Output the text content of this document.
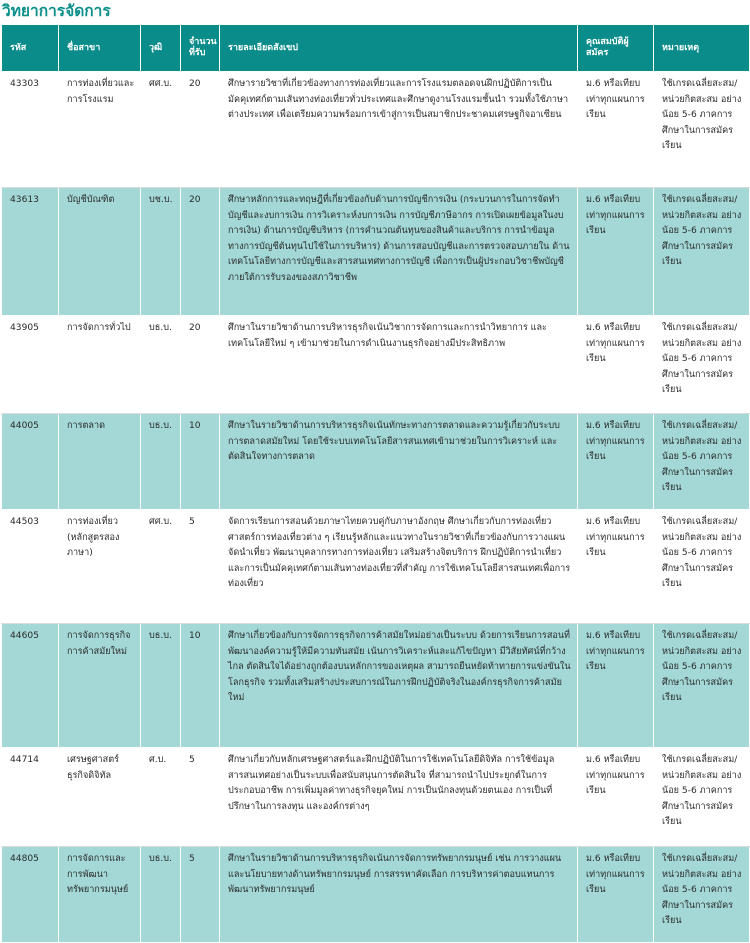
วิทยาการจัดการ
รหัส	ชื่อสาขา	วุฒิ	จำนวนที่รับ	รายละเอียดสังเขป	คุณสมบัติผู้สมัคร	หมายเหตุ
43303	การท่องเที่ยวและการโรงแรม	ศศ.บ.	20	ศึกษารายวิชาที่เกี่ยวข้องทางการท่องเที่ยวและการโรงแรมตลอดจนฝึกปฏิบัติการเป็นมัคคุเทศก์ตามเส้นทางท่องเที่ยวทั่วประเทศและศึกษาดูงานโรงแรมชั้นนำ รวมทั้งใช้ภาษาต่างประเทศ เพื่อเตรียมความพร้อมการเข้าสู่การเป็นสมาชิกประชาคมเศรษฐกิจอาเซียน	ม.6 หรือเทียบเท่าทุกแผนการเรียน	ใช้เกรดเฉลี่ยสะสม/หน่วยกิตสะสม อย่างน้อย 5-6 ภาคการศึกษาในการสมัครเรียน
43613	บัญชีบัณฑิต	บช.บ.	20	ศึกษาหลักการและทฤษฎีที่เกี่ยวข้องกับด้านการบัญชีการเงิน (กระบวนการในการจัดทำบัญชีและงบการเงิน การวิเคราะห์งบการเงิน การบัญชีภาษีอากร การเปิดเผยข้อมูลในงบการเงิน) ด้านการบัญชีบริหาร (การคำนวณต้นทุนของสินค้าและบริการ การนำข้อมูลทางการบัญชีต้นทุนไปใช้ในการบริหาร) ด้านการสอบบัญชีและการตรวจสอบภายใน ด้านเทคโนโลยีทางการบัญชีและสารสนเทศทางการบัญชี เพื่อการเป็นผู้ประกอบวิชาชีพบัญชีภายใต้การรับรองของสภาวิชาชีพ	ม.6 หรือเทียบเท่าทุกแผนการเรียน	ใช้เกรดเฉลี่ยสะสม/หน่วยกิตสะสม อย่างน้อย 5-6 ภาคการศึกษาในการสมัครเรียน
43905	การจัดการทั่วไป	บธ.บ.	20	ศึกษาในรายวิชาด้านการบริหารธุรกิจเน้นวิชาการจัดการและการนำวิทยาการ และเทคโนโลยีใหม่ ๆ เข้ามาช่วยในการดำเนินงานธุรกิจอย่างมีประสิทธิภาพ	ม.6 หรือเทียบเท่าทุกแผนการเรียน	ใช้เกรดเฉลี่ยสะสม/หน่วยกิตสะสม อย่างน้อย 5-6 ภาคการศึกษาในการสมัครเรียน
44005	การตลาด	บธ.บ.	10	ศึกษาในรายวิชาด้านการบริหารธุรกิจเน้นทักษะทางการตลาดและความรู้เกี่ยวกับระบบการตลาดสมัยใหม่ โดยใช้ระบบเทคโนโลยีสารสนเทศเข้ามาช่วยในการวิเคราะห์ และตัดสินใจทางการตลาด	ม.6 หรือเทียบเท่าทุกแผนการเรียน	ใช้เกรดเฉลี่ยสะสม/หน่วยกิตสะสม อย่างน้อย 5-6 ภาคการศึกษาในการสมัครเรียน
44503	การท่องเที่ยว (หลักสูตรสองภาษา)	ศศ.บ.	5	จัดการเรียนการสอนด้วยภาษาไทยควบคู่กับภาษาอังกฤษ ศึกษาเกี่ยวกับการท่องเที่ยว ศาสตร์การท่องเที่ยวต่าง ๆ เรียนรู้หลักและแนวทางในรายวิชาที่เกี่ยวข้องกับการวางแผนจัดนำเที่ยว พัฒนาบุคลากรทางการท่องเที่ยว เสริมสร้างจิตบริการ ฝึกปฏิบัติการนำเที่ยวและการเป็นมัคคุเทศก์ตามเส้นทางท่องเที่ยวที่สำคัญ การใช้เทคโนโลยีสารสนเทศเพื่อการท่องเที่ยว	ม.6 หรือเทียบเท่าทุกแผนการเรียน	ใช้เกรดเฉลี่ยสะสม/หน่วยกิตสะสม อย่างน้อย 5-6 ภาคการศึกษาในการสมัครเรียน
44605	การจัดการธุรกิจการค้าสมัยใหม่	บธ.บ.	10	ศึกษาเกี่ยวข้องกับการจัดการธุรกิจการค้าสมัยใหม่อย่างเป็นระบบ ด้วยการเรียนการสอนที่พัฒนาองค์ความรู้ให้มีความทันสมัย เน้นการวิเคราะห์และแก้ไขปัญหา มีวิสัยทัศน์ที่กว้างไกล ตัดสินใจได้อย่างถูกต้องบนหลักการของเหตุผล สามารถยืนหยัดท้าทายการแข่งขันในโลกธุรกิจ รวมทั้งเสริมสร้างประสบการณ์ในการฝึกปฏิบัติจริงในองค์กรธุรกิจการค้าสมัยใหม่	ม.6 หรือเทียบเท่าทุกแผนการเรียน	ใช้เกรดเฉลี่ยสะสม/หน่วยกิตสะสม อย่างน้อย 5-6 ภาคการศึกษาในการสมัครเรียน
44714	เศรษฐศาสตร์ธุรกิจดิจิทัล	ศ.บ.	5	ศึกษาเกี่ยวกับหลักเศรษฐศาสตร์และฝึกปฏิบัติในการใช้เทคโนโลยีดิจิทัล การใช้ข้อมูลสารสนเทศอย่างเป็นระบบเพื่อสนับสนุนการตัดสินใจ ที่สามารถนำไปประยุกต์ในการประกอบอาชีพ การเพิ่มมูลค่าทางธุรกิจยุคใหม่ การเป็นนักลงทุนด้วยตนเอง การเป็นที่ปรึกษาในการลงทุน และองค์กรต่างๆ	ม.6 หรือเทียบเท่าทุกแผนการเรียน	ใช้เกรดเฉลี่ยสะสม/หน่วยกิตสะสม อย่างน้อย 5-6 ภาคการศึกษาในการสมัครเรียน
44805	การจัดการและการพัฒนาทรัพยากรมนุษย์	บธ.บ.	5	ศึกษาในรายวิชาด้านการบริหารธุรกิจเน้นการจัดการทรัพยากรมนุษย์ เช่น การวางแผนและนโยบายทางด้านทรัพยากรมนุษย์ การสรรหาคัดเลือก การบริหารค่าตอบแทนการพัฒนาทรัพยากรมนุษย์	ม.6 หรือเทียบเท่าทุกแผนการเรียน	ใช้เกรดเฉลี่ยสะสม/หน่วยกิตสะสม อย่างน้อย 5-6 ภาคการศึกษาในการสมัครเรียน
